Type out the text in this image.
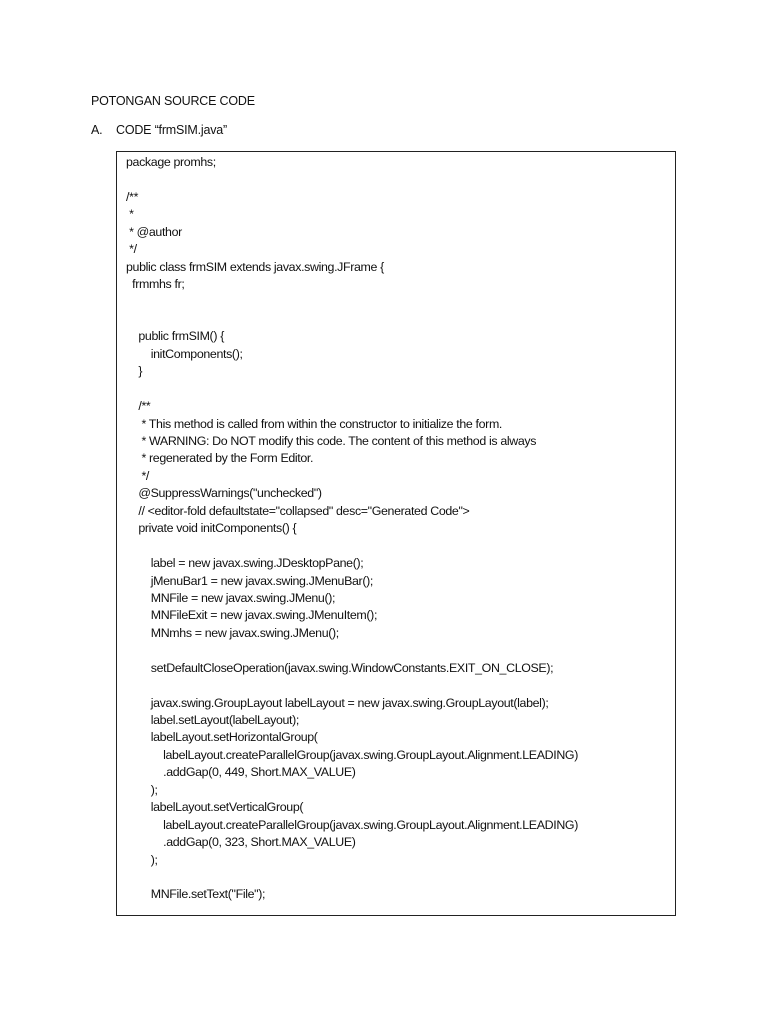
POTONGAN SOURCE CODE
A. CODE “frmSIM.java”
package promhs;
/**
*
* @author
*/
public class frmSIM extends javax.swing.JFrame {
frmmhs fr;
public frmSIM() {
initComponents();
}
/**
* This method is called from within the constructor to initialize the form.
* WARNING: Do NOT modify this code. The content of this method is always
* regenerated by the Form Editor.
*/
@SuppressWarnings("unchecked")
// <editor-fold defaultstate="collapsed" desc="Generated Code">
private void initComponents() {
label = new javax.swing.JDesktopPane();
jMenuBar1 = new javax.swing.JMenuBar();
MNFile = new javax.swing.JMenu();
MNFileExit = new javax.swing.JMenuItem();
MNmhs = new javax.swing.JMenu();
setDefaultCloseOperation(javax.swing.WindowConstants.EXIT_ON_CLOSE);
javax.swing.GroupLayout labelLayout = new javax.swing.GroupLayout(label);
label.setLayout(labelLayout);
labelLayout.setHorizontalGroup(
labelLayout.createParallelGroup(javax.swing.GroupLayout.Alignment.LEADING)
.addGap(0, 449, Short.MAX_VALUE)
);
labelLayout.setVerticalGroup(
labelLayout.createParallelGroup(javax.swing.GroupLayout.Alignment.LEADING)
.addGap(0, 323, Short.MAX_VALUE)
);
MNFile.setText("File");
